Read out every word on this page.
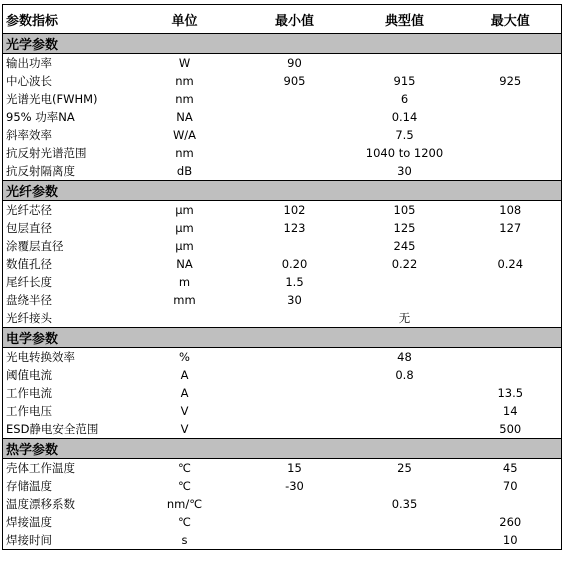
参数指标	单位	最小值	典型值	最大值
光学参数				
输出功率	W	90		
中心波长	nm	905	915	925
光谱光电(FWHM)	nm		6	
95% 功率NA	NA		0.14	
斜率效率	W/A		7.5	
抗反射光谱范围	nm		1040 to 1200	
抗反射隔离度	dB		30	
光纤参数				
光纤芯径	μm	102	105	108
包层直径	μm	123	125	127
涂覆层直径	μm		245	
数值孔径	NA	0.20	0.22	0.24
尾纤长度	m	1.5		
盘绕半径	mm	30		
光纤接头			无	
电学参数				
光电转换效率	%		48	
阈值电流	A		0.8	
工作电流	A			13.5
工作电压	V			14
ESD静电安全范围	V			500
热学参数				
壳体工作温度	℃	15	25	45
存储温度	℃	-30		70
温度漂移系数	nm/℃		0.35	
焊接温度	℃			260
焊接时间	s			10
